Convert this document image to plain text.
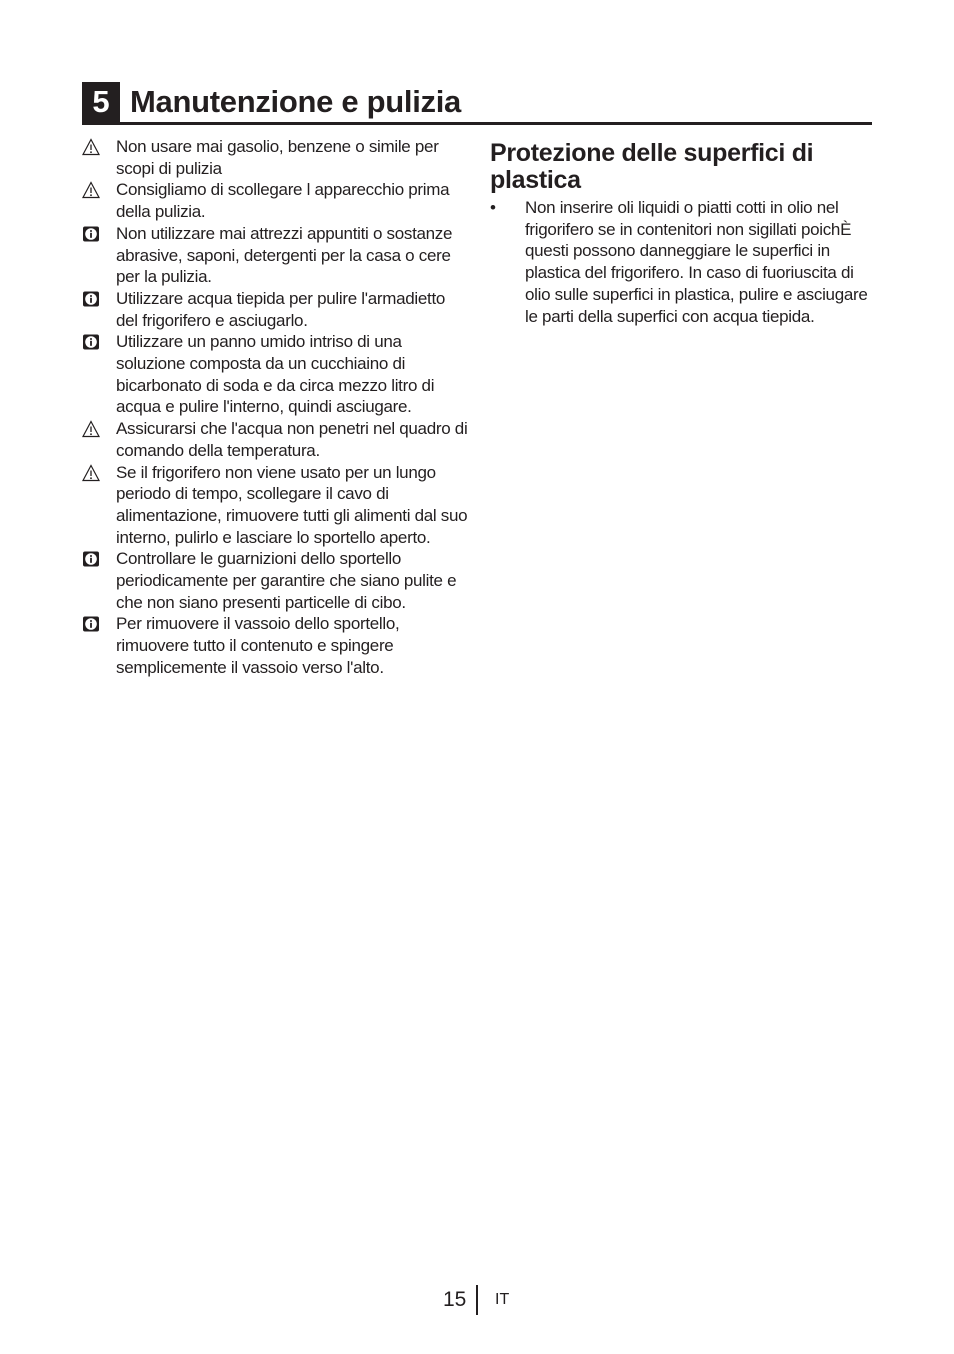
5 Manutenzione e pulizia
Non usare mai gasolio, benzene o simile per scopi di pulizia
Consigliamo di scollegare l apparecchio prima della pulizia.
Non utilizzare mai attrezzi appuntiti o sostanze abrasive, saponi, detergenti per la casa o cere per la pulizia.
Utilizzare acqua tiepida per pulire l'armadietto del frigorifero e asciugarlo.
Utilizzare un panno umido intriso di una soluzione composta da un cucchiaino di bicarbonato di soda e da circa mezzo litro di acqua e pulire l'interno, quindi asciugare.
Assicurarsi che l'acqua non penetri nel quadro di comando della temperatura.
Se il frigorifero non viene usato per un lungo periodo di tempo, scollegare il cavo di alimentazione, rimuovere tutti gli alimenti dal suo interno, pulirlo e lasciare lo sportello aperto.
Controllare le guarnizioni dello sportello periodicamente per garantire che siano pulite e che non siano presenti particelle di cibo.
Per rimuovere il vassoio dello sportello, rimuovere tutto il contenuto e spingere semplicemente il vassoio verso l'alto.
Protezione delle superfici di plastica
• Non inserire oli liquidi o piatti cotti in olio nel frigorifero se in contenitori non sigillati poichÈ questi possono danneggiare le superfici in plastica del frigorifero. In caso di fuoriuscita di olio sulle superfici in plastica, pulire e asciugare le parti della superfici con acqua tiepida.
15 IT
